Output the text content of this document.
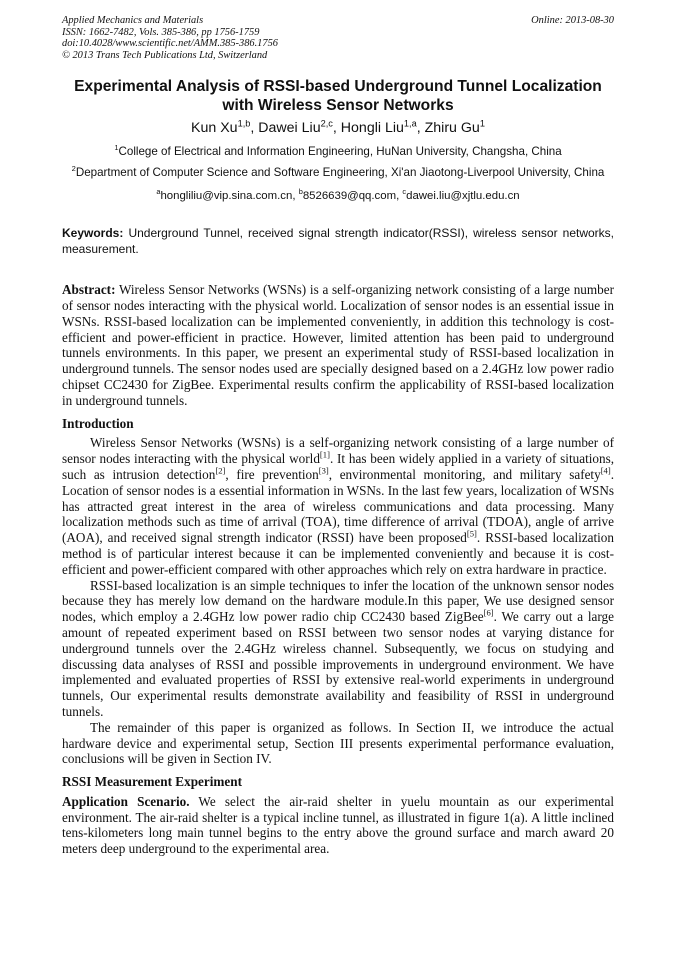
Applied Mechanics and Materials
ISSN: 1662-7482, Vols. 385-386, pp 1756-1759
doi:10.4028/www.scientific.net/AMM.385-386.1756
© 2013 Trans Tech Publications Ltd, Switzerland
Online: 2013-08-30
Experimental Analysis of RSSI-based Underground Tunnel Localization with Wireless Sensor Networks
Kun Xu$^{1,b}$, Dawei Liu$^{2,c}$, Hongli Liu$^{1,a}$, Zhiru Gu$^1$
$^1$College of Electrical and Information Engineering, HuNan University, Changsha, China
$^2$Department of Computer Science and Software Engineering, Xi'an Jiaotong-Liverpool University, China
$^a$hongliliu@vip.sina.com.cn, $^b$8526639@qq.com, $^c$dawei.liu@xjtlu.edu.cn
Keywords: Underground Tunnel, received signal strength indicator(RSSI), wireless sensor networks, measurement.
Abstract: Wireless Sensor Networks (WSNs) is a self-organizing network consisting of a large number of sensor nodes interacting with the physical world. Localization of sensor nodes is an essential issue in WSNs. RSSI-based localization can be implemented conveniently, in addition this technology is cost-efficient and power-efficient in practice. However, limited attention has been paid to underground tunnels environments. In this paper, we present an experimental study of RSSI-based localization in underground tunnels. The sensor nodes used are specially designed based on a 2.4GHz low power radio chipset CC2430 for ZigBee. Experimental results confirm the applicability of RSSI-based localization in underground tunnels.
Introduction
Wireless Sensor Networks (WSNs) is a self-organizing network consisting of a large number of sensor nodes interacting with the physical world[1]. It has been widely applied in a variety of situations, such as intrusion detection[2], fire prevention[3], environmental monitoring, and military safety[4]. Location of sensor nodes is a essential information in WSNs. In the last few years, localization of WSNs has attracted great interest in the area of wireless communications and data processing. Many localization methods such as time of arrival (TOA), time difference of arrival (TDOA), angle of arrive (AOA), and received signal strength indicator (RSSI) have been proposed[5]. RSSI-based localization method is of particular interest because it can be implemented conveniently and because it is cost-efficient and power-efficient compared with other approaches which rely on extra hardware in practice.
RSSI-based localization is an simple techniques to infer the location of the unknown sensor nodes because they has merely low demand on the hardware module.In this paper, We use designed sensor nodes, which employ a 2.4GHz low power radio chip CC2430 based ZigBee[6]. We carry out a large amount of repeated experiment based on RSSI between two sensor nodes at varying distance for underground tunnels over the 2.4GHz wireless channel. Subsequently, we focus on studying and discussing data analyses of RSSI and possible improvements in underground environment. We have implemented and evaluated properties of RSSI by extensive real-world experiments in underground tunnels, Our experimental results demonstrate availability and feasibility of RSSI in underground tunnels.
The remainder of this paper is organized as follows. In Section II, we introduce the actual hardware device and experimental setup, Section III presents experimental performance evaluation, conclusions will be given in Section IV.
RSSI Measurement Experiment
Application Scenario. We select the air-raid shelter in yuelu mountain as our experimental environment. The air-raid shelter is a typical incline tunnel, as illustrated in figure 1(a). A little inclined tens-kilometers long main tunnel begins to the entry above the ground surface and march award 20 meters deep underground to the experimental area.
